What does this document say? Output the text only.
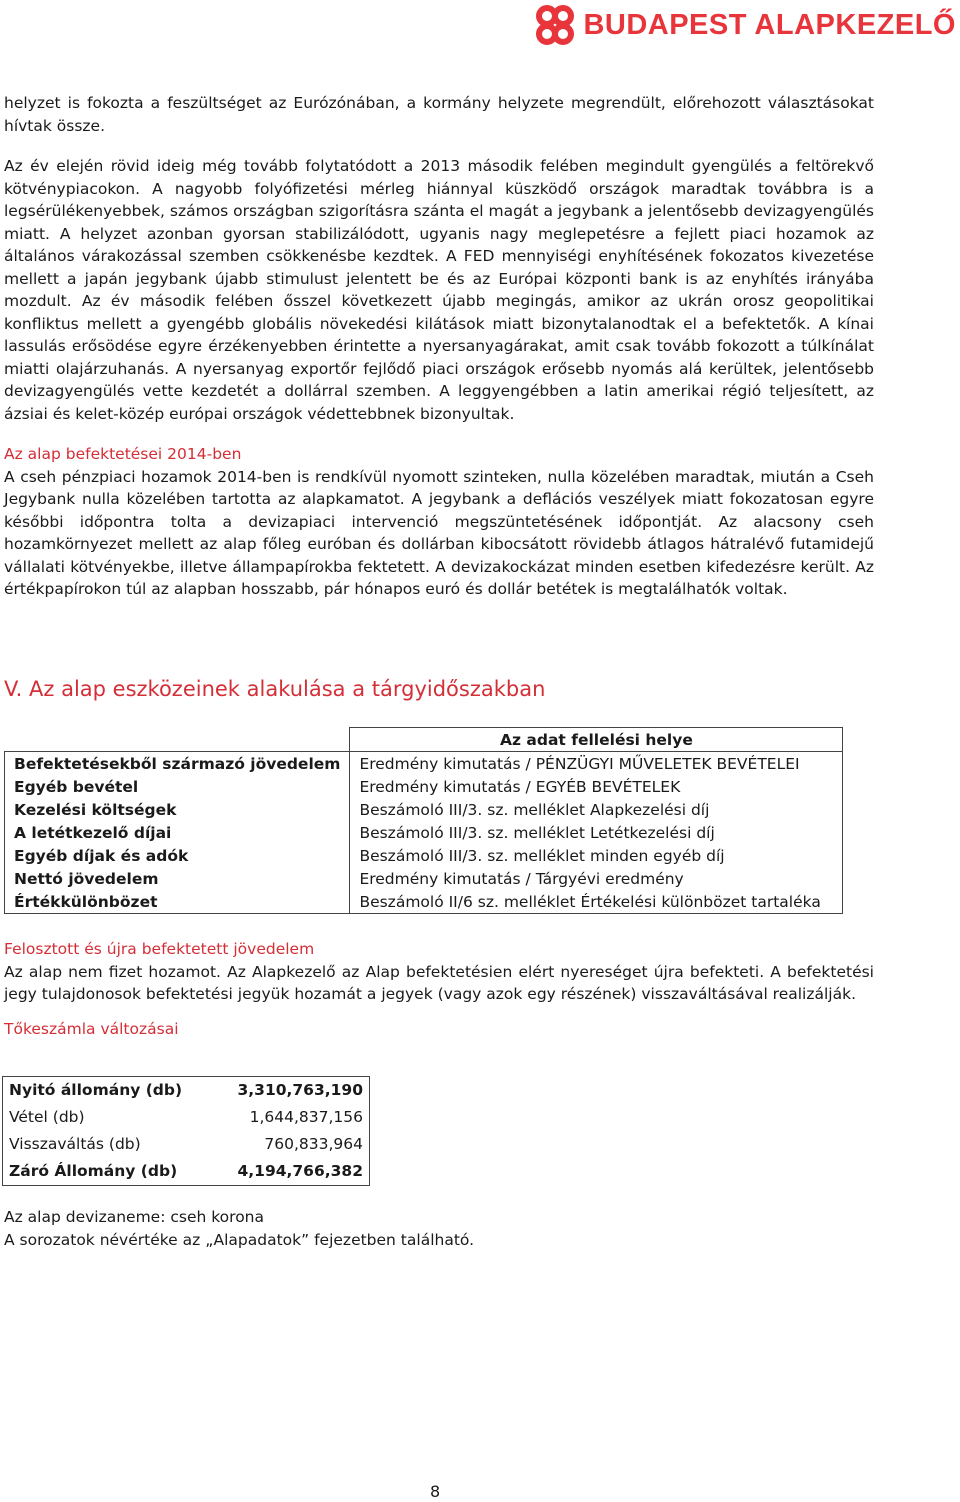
BUDAPEST ALAPKEZELŐ

helyzet is fokozta a feszültséget az Eurózónában, a kormány helyzete megrendült, előrehozott választásokat hívtak össze.

Az év elején rövid ideig még tovább folytatódott a 2013 második felében megindult gyengülés a feltörekvő kötvénypiacokon. A nagyobb folyófizetési mérleg hiánnyal küszködő országok maradtak továbbra is a legsérülékenyebbek, számos országban szigorításra szánta el magát a jegybank a jelentősebb devizagyengülés miatt. A helyzet azonban gyorsan stabilizálódott, ugyanis nagy meglepetésre a fejlett piaci hozamok az általános várakozással szemben csökkenésbe kezdtek. A FED mennyiségi enyhítésének fokozatos kivezetése mellett a japán jegybank újabb stimulust jelentett be és az Európai központi bank is az enyhítés irányába mozdult. Az év második felében ősszel következett újabb megingás, amikor az ukrán orosz geopolitikai konfliktus mellett a gyengébb globális növekedési kilátások miatt bizonytalanodtak el a befektetők. A kínai lassulás erősödése egyre érzékenyebben érintette a nyersanyagárakat, amit csak tovább fokozott a túlkínálat miatti olajárzuhanás. A nyersanyag exportőr fejlődő piaci országok erősebb nyomás alá kerültek, jelentősebb devizagyengülés vette kezdetét a dollárral szemben. A leggyengébben a latin amerikai régió teljesített, az ázsiai és kelet-közép európai országok védettebbnek bizonyultak.

Az alap befektetései 2014-ben

A cseh pénzpiaci hozamok 2014-ben is rendkívül nyomott szinteken, nulla közelében maradtak, miután a Cseh Jegybank nulla közelében tartotta az alapkamatot. A jegybank a deflációs veszélyek miatt fokozatosan egyre későbbi időpontra tolta a devizapiaci intervenció megszüntetésének időpontját. Az alacsony cseh hozamkörnyezet mellett az alap főleg euróban és dollárban kibocsátott rövidebb átlagos hátralévő futamidejű vállalati kötvényekbe, illetve állampapírokba fektetett. A devizakockázat minden esetben kifedezésre került. Az értékpapírokon túl az alapban hosszabb, pár hónapos euró és dollár betétek is megtalálhatók voltak.

V. Az alap eszközeinek alakulása a tárgyidőszakban
	Az adat fellelési helye
Befektetésekből származó jövedelem	Eredmény kimutatás / PÉNZÜGYI MŰVELETEK BEVÉTELEI
Egyéb bevétel	Eredmény kimutatás / EGYÉB BEVÉTELEK
Kezelési költségek	Beszámoló III/3. sz. melléklet Alapkezelési díj
A letétkezelő díjai	Beszámoló III/3. sz. melléklet Letétkezelési díj
Egyéb díjak és adók	Beszámoló III/3. sz. melléklet minden egyéb díj
Nettó jövedelem	Eredmény kimutatás / Tárgyévi eredmény
Értékkülönbözet	Beszámoló II/6 sz. melléklet Értékelési különbözet tartaléka
Felosztott és újra befektetett jövedelem

Az alap nem fizet hozamot. Az Alapkezelő az Alap befektetésien elért nyereséget újra befekteti. A befektetési jegy tulajdonosok befektetési jegyük hozamát a jegyek (vagy azok egy részének) visszaváltásával realizálják.

Tőkeszámla változásai
Nyitó állomány (db)	3,310,763,190
Vétel (db)	1,644,837,156
Visszaváltás (db)	760,833,964
Záró Állomány (db)	4,194,766,382

Az alap devizaneme: cseh korona

A sorozatok névértéke az „Alapadatok” fejezetben található.

8
